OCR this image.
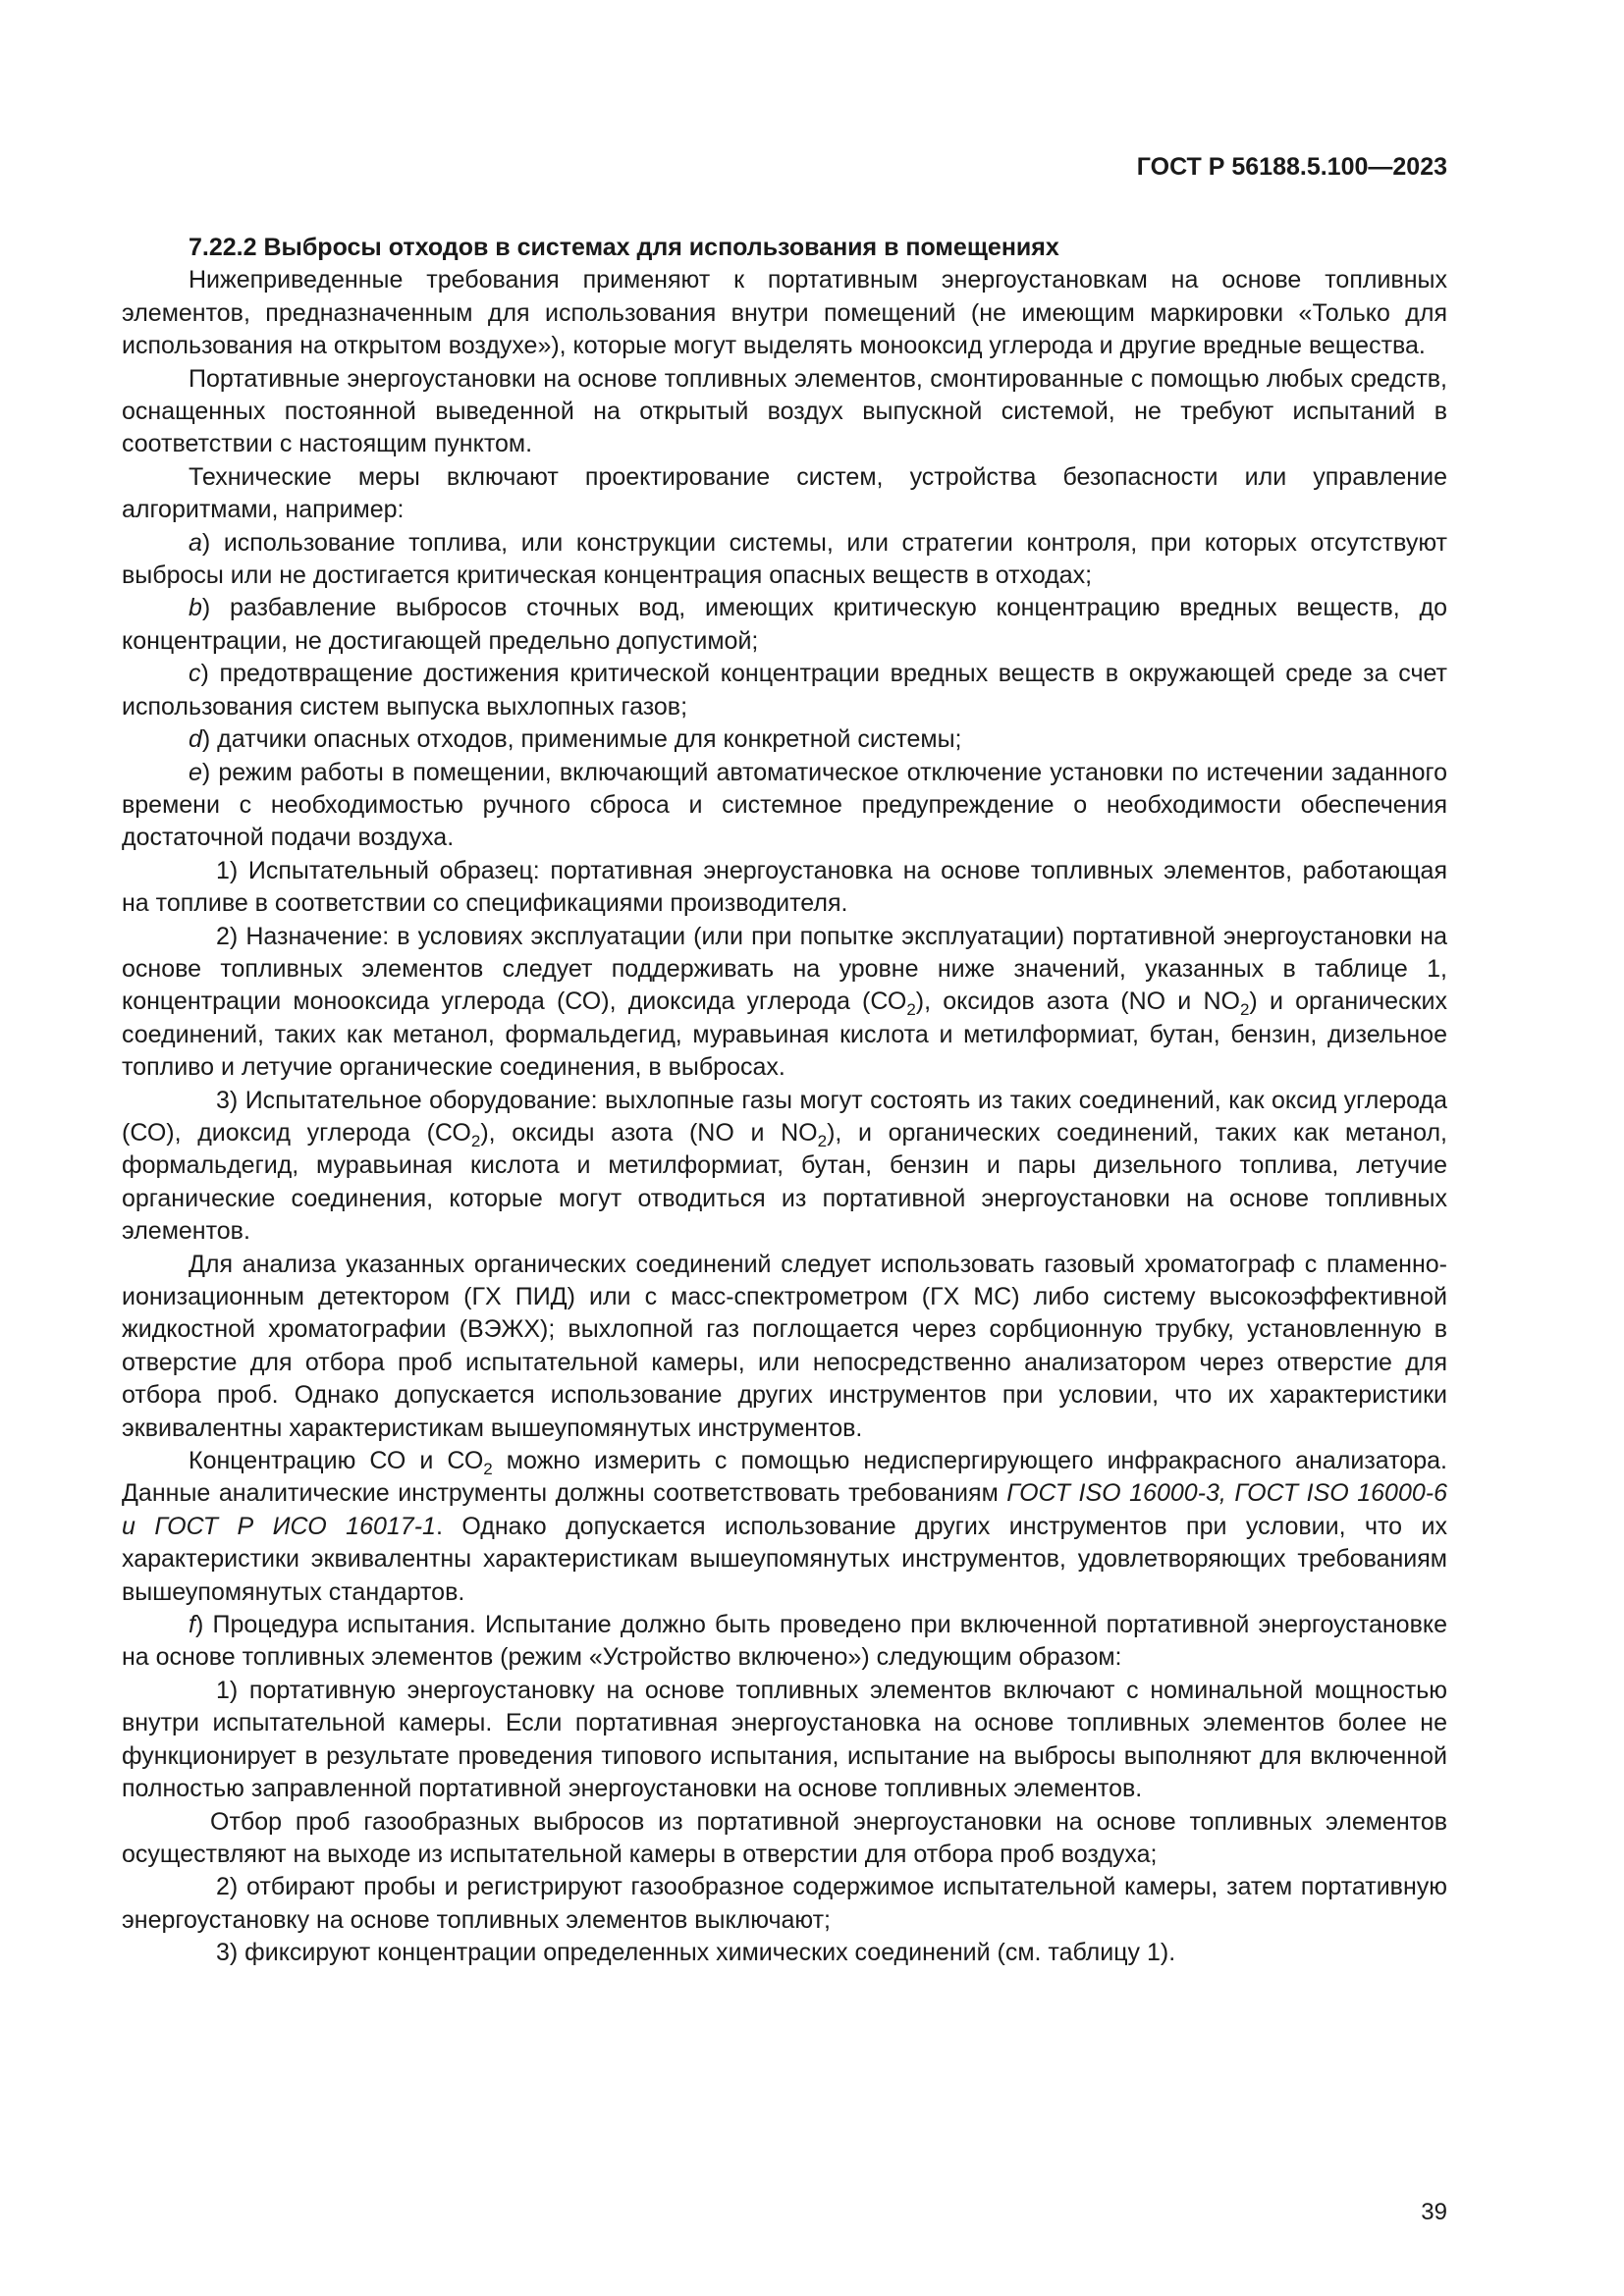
ГОСТ Р 56188.5.100—2023
7.22.2 Выбросы отходов в системах для использования в помещениях

Нижеприведенные требования применяют к портативным энергоустановкам на основе топливных элементов, предназначенным для использования внутри помещений (не имеющим маркировки «Только для использования на открытом воздухе»), которые могут выделять монооксид углерода и другие вредные вещества.

Портативные энергоустановки на основе топливных элементов, смонтированные с помощью любых средств, оснащенных постоянной выведенной на открытый воздух выпускной системой, не требуют испытаний в соответствии с настоящим пунктом.

Технические меры включают проектирование систем, устройства безопасности или управление алгоритмами, например:

а) использование топлива, или конструкции системы, или стратегии контроля, при которых отсутствуют выбросы или не достигается критическая концентрация опасных веществ в отходах;

b) разбавление выбросов сточных вод, имеющих критическую концентрацию вредных веществ, до концентрации, не достигающей предельно допустимой;

с) предотвращение достижения критической концентрации вредных веществ в окружающей среде за счет использования систем выпуска выхлопных газов;

d) датчики опасных отходов, применимые для конкретной системы;

е) режим работы в помещении, включающий автоматическое отключение установки по истечении заданного времени с необходимостью ручного сброса и системное предупреждение о необходимости обеспечения достаточной подачи воздуха.

1) Испытательный образец: портативная энергоустановка на основе топливных элементов, работающая на топливе в соответствии со спецификациями производителя.

2) Назначение: в условиях эксплуатации (или при попытке эксплуатации) портативной энергоустановки на основе топливных элементов следует поддерживать на уровне ниже значений, указанных в таблице 1, концентрации монооксида углерода (СО), диоксида углерода $(СО_2)$, оксидов азота (NO и $NO_2$) и органических соединений, таких как метанол, формальдегид, муравьиная кислота и метилформиат, бутан, бензин, дизельное топливо и летучие органические соединения, в выбросах.

3) Испытательное оборудование: выхлопные газы могут состоять из таких соединений, как оксид углерода (СО), диоксид углерода $(СО_2)$, оксиды азота (NO и $NO_2$), и органических соединений, таких как метанол, формальдегид, муравьиная кислота и метилформиат, бутан, бензин и пары дизельного топлива, летучие органические соединения, которые могут отводиться из портативной энергоустановки на основе топливных элементов.

Для анализа указанных органических соединений следует использовать газовый хроматограф с пламенно-ионизационным детектором (ГХ ПИД) или с масс-спектрометром (ГХ МС) либо систему высокоэффективной жидкостной хроматографии (ВЭЖХ); выхлопной газ поглощается через сорбционную трубку, установленную в отверстие для отбора проб испытательной камеры, или непосредственно анализатором через отверстие для отбора проб. Однако допускается использование других инструментов при условии, что их характеристики эквивалентны характеристикам вышеупомянутых инструментов.

Концентрацию СО и $СО_2$ можно измерить с помощью недиспергирующего инфракрасного анализатора. Данные аналитические инструменты должны соответствовать требованиям ГОСТ ISO 16000-3, ГОСТ ISO 16000-6 и ГОСТ Р ИСО 16017-1. Однако допускается использование других инструментов при условии, что их характеристики эквивалентны характеристикам вышеупомянутых инструментов, удовлетворяющих требованиям вышеупомянутых стандартов.

f) Процедура испытания. Испытание должно быть проведено при включенной портативной энергоустановке на основе топливных элементов (режим «Устройство включено») следующим образом:

1) портативную энергоустановку на основе топливных элементов включают с номинальной мощностью внутри испытательной камеры. Если портативная энергоустановка на основе топливных элементов более не функционирует в результате проведения типового испытания, испытание на выбросы выполняют для включенной полностью заправленной портативной энергоустановки на основе топливных элементов.

Отбор проб газообразных выбросов из портативной энергоустановки на основе топливных элементов осуществляют на выходе из испытательной камеры в отверстии для отбора проб воздуха;

2) отбирают пробы и регистрируют газообразное содержимое испытательной камеры, затем портативную энергоустановку на основе топливных элементов выключают;

3) фиксируют концентрации определенных химических соединений (см. таблицу 1).

39
